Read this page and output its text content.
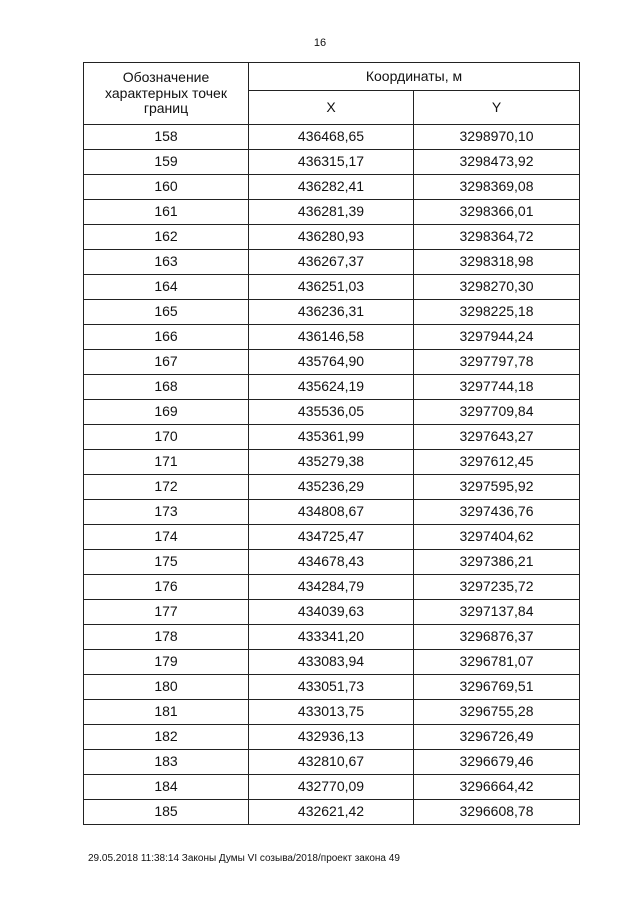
16
Обозначение характерных точек границ	Координаты, м	
	X	Y
158	436468,65	3298970,10
159	436315,17	3298473,92
160	436282,41	3298369,08
161	436281,39	3298366,01
162	436280,93	3298364,72
163	436267,37	3298318,98
164	436251,03	3298270,30
165	436236,31	3298225,18
166	436146,58	3297944,24
167	435764,90	3297797,78
168	435624,19	3297744,18
169	435536,05	3297709,84
170	435361,99	3297643,27
171	435279,38	3297612,45
172	435236,29	3297595,92
173	434808,67	3297436,76
174	434725,47	3297404,62
175	434678,43	3297386,21
176	434284,79	3297235,72
177	434039,63	3297137,84
178	433341,20	3296876,37
179	433083,94	3296781,07
180	433051,73	3296769,51
181	433013,75	3296755,28
182	432936,13	3296726,49
183	432810,67	3296679,46
184	432770,09	3296664,42
185	432621,42	3296608,78
29.05.2018 11:38:14 Законы Думы VI созыва/2018/проект закона 49
